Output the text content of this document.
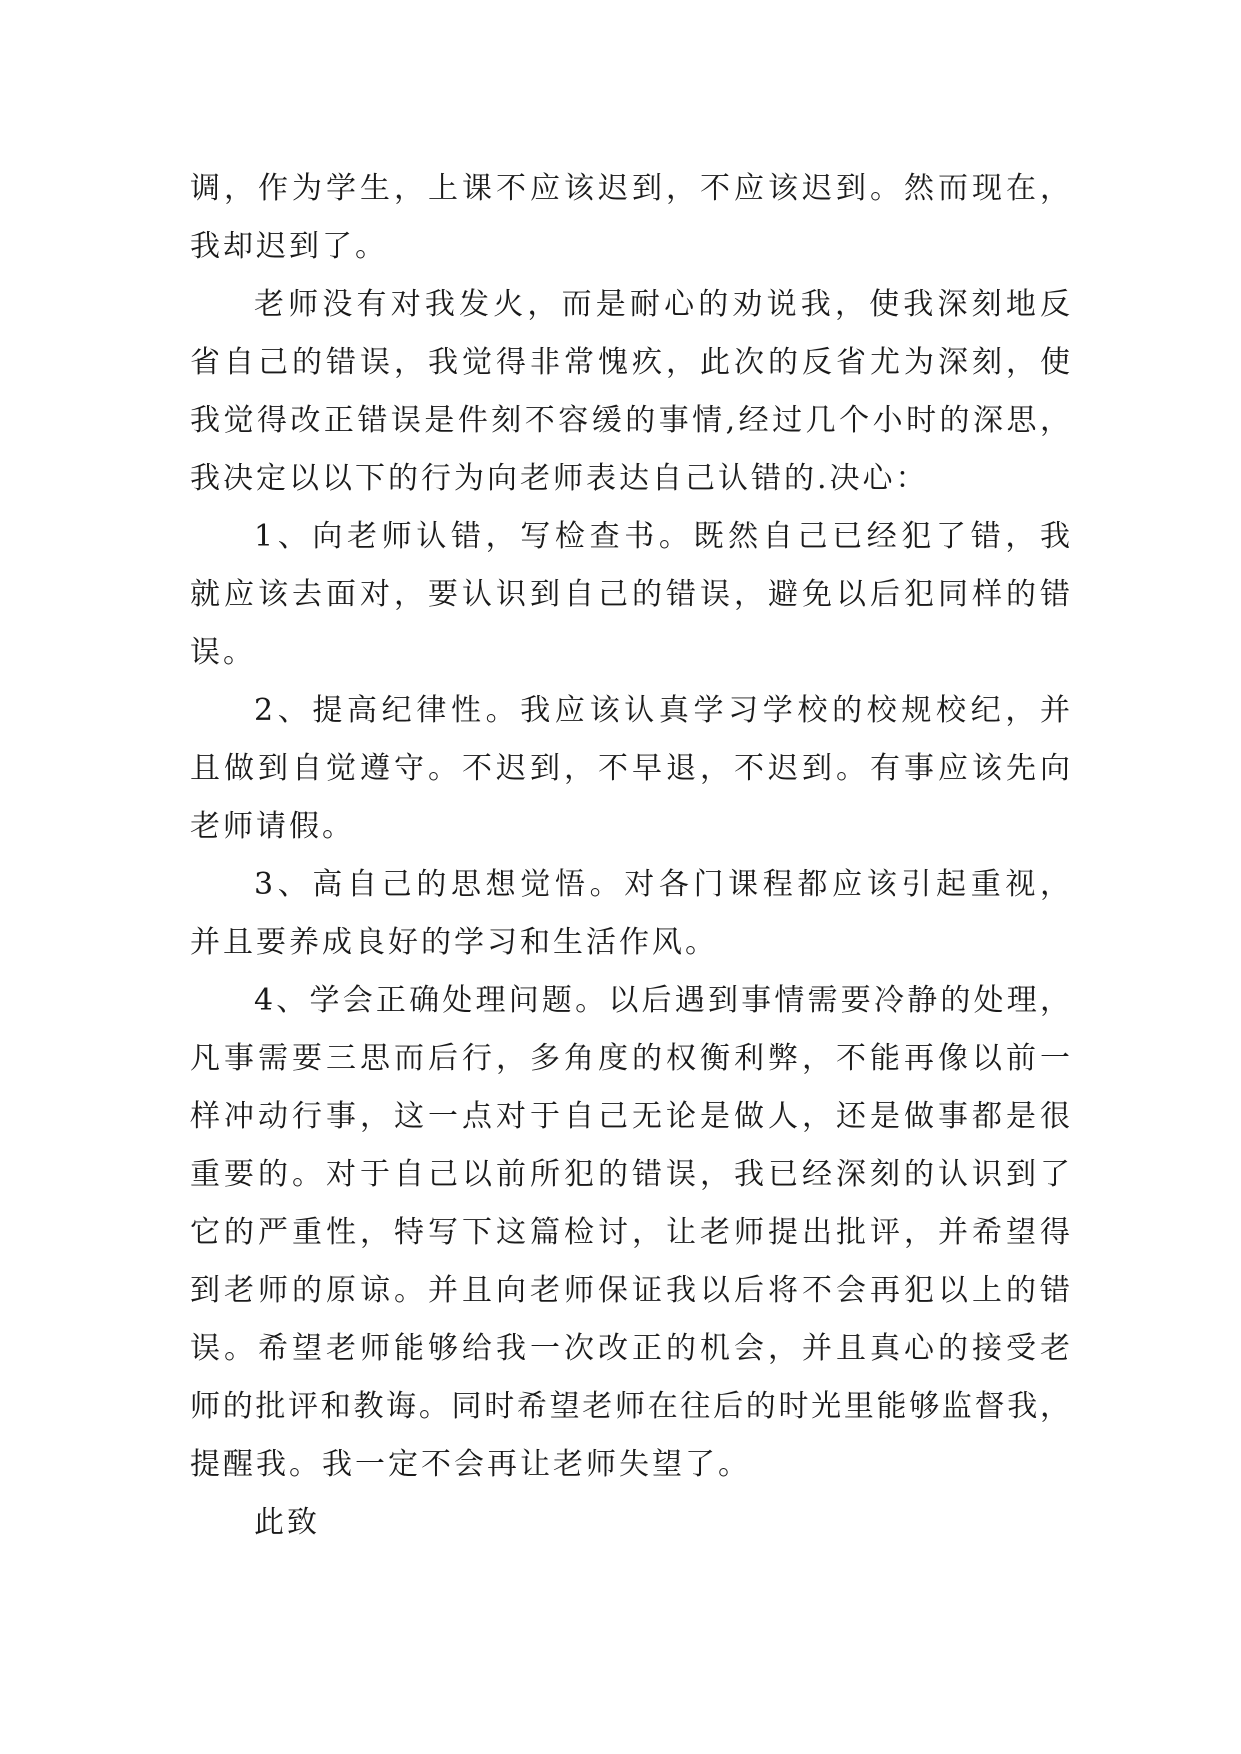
调，作为学生，上课不应该迟到，不应该迟到。然而现在，
我却迟到了。
老师没有对我发火，而是耐心的劝说我，使我深刻地反
省自己的错误，我觉得非常愧疚，此次的反省尤为深刻，使
我觉得改正错误是件刻不容缓的事情,经过几个小时的深思，
我决定以以下的行为向老师表达自己认错的.决心：
1、向老师认错，写检查书。既然自己已经犯了错，我
就应该去面对，要认识到自己的错误，避免以后犯同样的错
误。
2、提高纪律性。我应该认真学习学校的校规校纪，并
且做到自觉遵守。不迟到，不早退，不迟到。有事应该先向
老师请假。
3、高自己的思想觉悟。对各门课程都应该引起重视，
并且要养成良好的学习和生活作风。
4、学会正确处理问题。以后遇到事情需要冷静的处理，
凡事需要三思而后行，多角度的权衡利弊，不能再像以前一
样冲动行事，这一点对于自己无论是做人，还是做事都是很
重要的。对于自己以前所犯的错误，我已经深刻的认识到了
它的严重性，特写下这篇检讨，让老师提出批评，并希望得
到老师的原谅。并且向老师保证我以后将不会再犯以上的错
误。希望老师能够给我一次改正的机会，并且真心的接受老
师的批评和教诲。同时希望老师在往后的时光里能够监督我，
提醒我。我一定不会再让老师失望了。
此致
